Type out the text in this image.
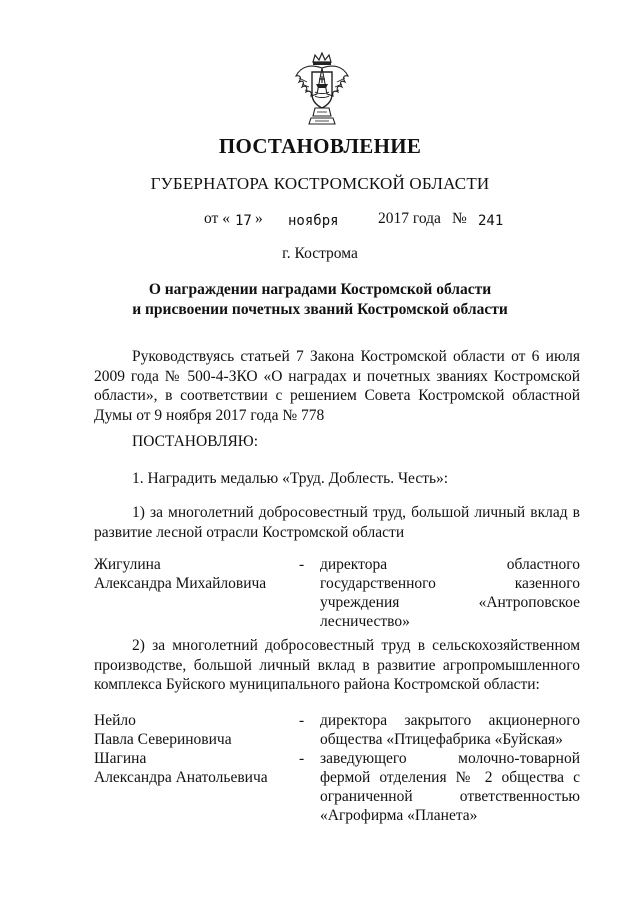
ПОСТАНОВЛЕНИЕ
ГУБЕРНАТОРА КОСТРОМСКОЙ ОБЛАСТИ
от « 17 » ноября	2017 года № 241
г. Кострома
О награждении наградами Костромской области
и присвоении почетных званий Костромской области
Руководствуясь статьей 7 Закона Костромской области от 6 июля 2009 года № 500-4-ЗКО «О наградах и почетных званиях Костромской области», в соответствии с решением Совета Костромской областной Думы от 9 ноября 2017 года № 778
ПОСТАНОВЛЯЮ:
1. Наградить медалью «Труд. Доблесть. Честь»:
1) за многолетний добросовестный труд, большой личный вклад в развитие лесной отрасли Костромской области
Жигулина
Александра Михайловича
- директора областного
государственного казенного
учреждения «Антроповское
лесничество»
2) за многолетний добросовестный труд в сельскохозяйственном производстве, большой личный вклад в развитие агропромышленного комплекса Буйского муниципального района Костромской области:
Нейло
Павла Севериновича
- директора закрытого акционерного
общества «Птицефабрика «Буйская»
Шагина
Александра Анатольевича
- заведующего молочно-товарной
фермой отделения № 2 общества с
ограниченной ответственностью
«Агрофирма «Планета»
